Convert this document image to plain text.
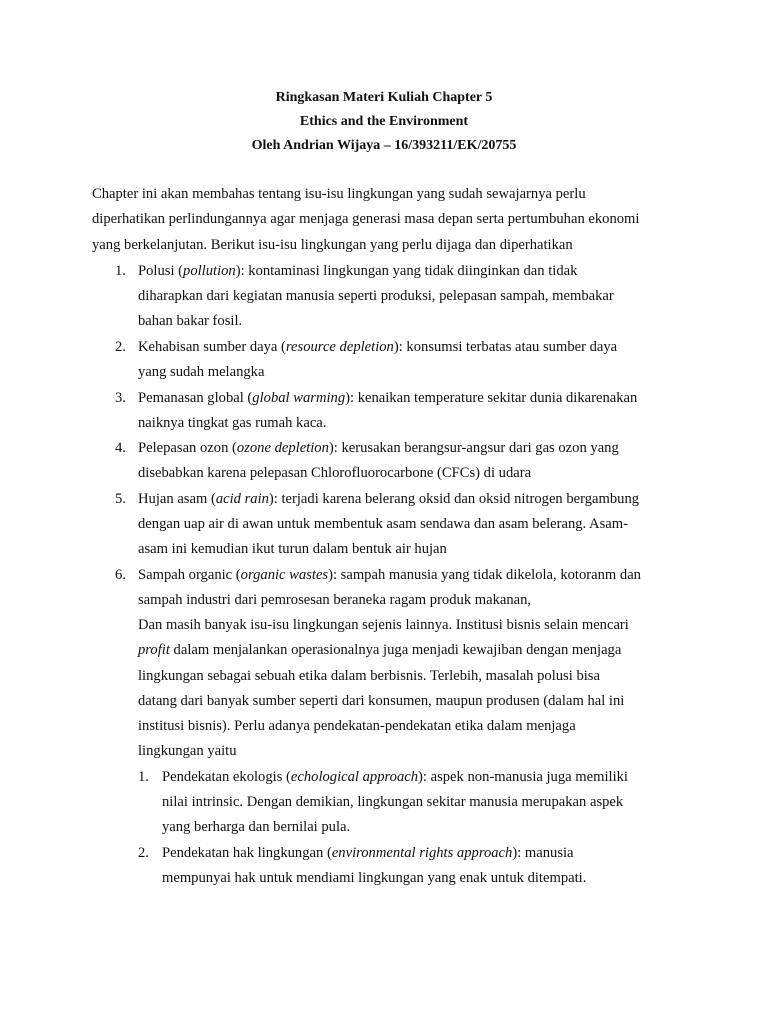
Ringkasan Materi Kuliah Chapter 5
Ethics and the Environment
Oleh Andrian Wijaya – 16/393211/EK/20755
Chapter ini akan membahas tentang isu-isu lingkungan yang sudah sewajarnya perlu
diperhatikan perlindungannya agar menjaga generasi masa depan serta pertumbuhan ekonomi
yang berkelanjutan. Berikut isu-isu lingkungan yang perlu dijaga dan diperhatikan
1. Polusi (pollution): kontaminasi lingkungan yang tidak diinginkan dan tidak
diharapkan dari kegiatan manusia seperti produksi, pelepasan sampah, membakar
bahan bakar fosil.
2. Kehabisan sumber daya (resource depletion): konsumsi terbatas atau sumber daya
yang sudah melangka
3. Pemanasan global (global warming): kenaikan temperature sekitar dunia dikarenakan
naiknya tingkat gas rumah kaca.
4. Pelepasan ozon (ozone depletion): kerusakan berangsur-angsur dari gas ozon yang
disebabkan karena pelepasan Chlorofluorocarbone (CFCs) di udara
5. Hujan asam (acid rain): terjadi karena belerang oksid dan oksid nitrogen bergambung
dengan uap air di awan untuk membentuk asam sendawa dan asam belerang. Asam-
asam ini kemudian ikut turun dalam bentuk air hujan
6. Sampah organic (organic wastes): sampah manusia yang tidak dikelola, kotoranm dan
sampah industri dari pemrosesan beraneka ragam produk makanan,
Dan masih banyak isu-isu lingkungan sejenis lainnya. Institusi bisnis selain mencari
profit dalam menjalankan operasionalnya juga menjadi kewajiban dengan menjaga
lingkungan sebagai sebuah etika dalam berbisnis. Terlebih, masalah polusi bisa
datang dari banyak sumber seperti dari konsumen, maupun produsen (dalam hal ini
institusi bisnis). Perlu adanya pendekatan-pendekatan etika dalam menjaga
lingkungan yaitu
1. Pendekatan ekologis (echological approach): aspek non-manusia juga memiliki
nilai intrinsic. Dengan demikian, lingkungan sekitar manusia merupakan aspek
yang berharga dan bernilai pula.
2. Pendekatan hak lingkungan (environmental rights approach): manusia
mempunyai hak untuk mendiami lingkungan yang enak untuk ditempati.
